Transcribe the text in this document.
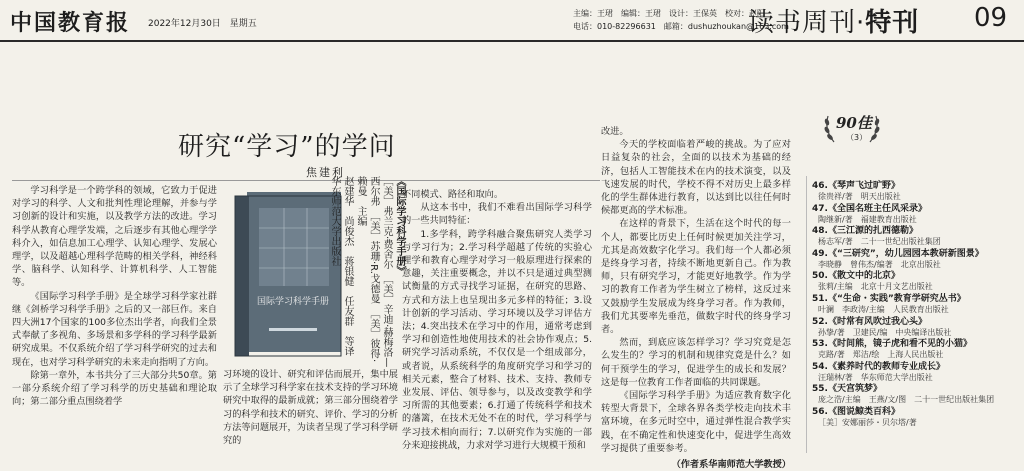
中国教育报 2022年12月30日　星期五
主编：王珺　编辑：王珺　设计：王保英　校对：赵阳
电话：010-82296631　邮箱：dushuzhoukan@163.com
读书周刊·特刊 09
研究“学习”的学问
焦建利

学习科学是一个跨学科的领域，它致力于促进对学习的科学、人文和批判性理论理解，并参与学习创新的设计和实施，以及教学方法的改进。学习科学从教育心理学发端，之后逐步有其他心理学学科介入，如信息加工心理学、认知心理学、发展心理学，以及超越心理科学范畴的相关学科，神经科学、脑科学、认知科学、计算机科学、人工智能等。

《国际学习科学手册》是全球学习科学家社群继《剑桥学习科学手册》之后的又一部巨作。来自四大洲17个国家的100多位杰出学者，向我们全景式奉献了多视角、多场景和多学科的学习科学最新研究成果。不仅系统介绍了学习科学研究的过去和现在，也对学习科学研究的未来走向指明了方向。

除第一章外，本书共分了三大部分共50章。第一部分系统介绍了学习科学的历史基础和理论取向；第二部分重点围绕着学

国际学习科学手册
《国际学习科学手册》
［美］弗兰克·费舍尔　［美］辛迪·赫梅洛—西尔弗　［美］苏珊·R.戈德曼　［美］彼得·赖曼　主编
赵建华　尚俊杰　蒋银健　任友群　等译
华东师范大学出版社

习环境的设计、研究和评估而展开，集中展示了全球学习科学家在技术支持的学习环境研究中取得的最新成就；第三部分围绕着学习的科学和技术的研究、评价、学习的分析方法等问题展开，为读者呈现了学习科学研究的

不同模式、路径和取向。

从这本书中，我们不难看出国际学习科学的一些共同特征：

1.多学科，跨学科融合聚焦研究人类学习与学习行为；2.学习科学超越了传统的实验心理学和教育心理学对学习一般原理进行探索的意趣，关注重要概念，并以不只是通过典型测试衡量的方式寻找学习证据，在研究的思路、方式和方法上也呈现出多元多样的特征；3.设计创新的学习活动、学习环境以及学习评估方法；4.突出技术在学习中的作用，通常考虑到学习和创造性地使用技术的社会协作观点；5.研究学习活动系统，不仅仅是一个组成部分，或者说，从系统科学的角度研究学习和学习的相关元素，整合了材料、技术、支持、教师专业发展、评估、领导参与，以及改变教学和学习所需的其他要素；6.打通了传统科学和技术的藩篱，在技术无处不在的时代，学习科学与学习技术相向而行；7.以研究作为实施的一部分来迎接挑战，力求对学习进行大规模干预和

改进。

今天的学校面临着严峻的挑战。为了应对日益复杂的社会，全面的以技术为基础的经济，包括人工智能技术在内的技术演变，以及飞速发展的时代，学校不得不对历史上最多样化的学生群体进行教育，以达到比以往任何时候都更高的学术标准。

在这样的背景下，生活在这个时代的每一个人，都要比历史上任何时候更加关注学习，尤其是高效数字化学习。我们每一个人都必须是终身学习者，持续不断地更新自己。作为教师，只有研究学习，才能更好地教学。作为学习的教育工作者为学生树立了榜样，这反过来又鼓励学生发展成为终身学习者。作为教师，我们尤其要率先垂范，做数字时代的终身学习者。

然而，到底应该怎样学习？学习究竟是怎么发生的？学习的机制和规律究竟是什么？如何干预学生的学习，促进学生的成长和发展？这是每一位教育工作者面临的共同课题。

《国际学习科学手册》为适应教育数字化转型大背景下，全球各界各类学校走向技术丰富环境，在多元时空中，通过弹性混合教学实践，在不确定性和快速变化中，促进学生高效学习提供了重要参考。

（作者系华南师范大学教授）

90佳
（3）
46.《琴声飞过旷野》
徐贵祥/著　明天出版社
47.《全国名班主任风采录》
陶继新/著　福建教育出版社
48.《三江源的扎西德勒》
杨志军/著　二十一世纪出版社集团
49.《“三研究”，幼儿园园本教研新图景》
李晓静　曾伟杰/编著　北京出版社
50.《散文中的北京》
张莉/主编　北京十月文艺出版社
51.《“生命・实践”教育学研究丛书》
叶澜　李政涛/主编　人民教育出版社
52.《时常有风吹过我心头》
孙挚/著　卫建民/编　中央编译出版社
53.《时间熊，镜子虎和看不见的小猫》
克路/著　郑洁/绘　上海人民出版社
54.《素养时代的教师专业成长》
汪瑞林/著　华东师范大学出版社
55.《天宫筑梦》
庞之浩/主编　王燕/文/图　二十一世纪出版社集团
56.《图说鲸类百科》
［美］安娜丽莎・贝尔塔/著
